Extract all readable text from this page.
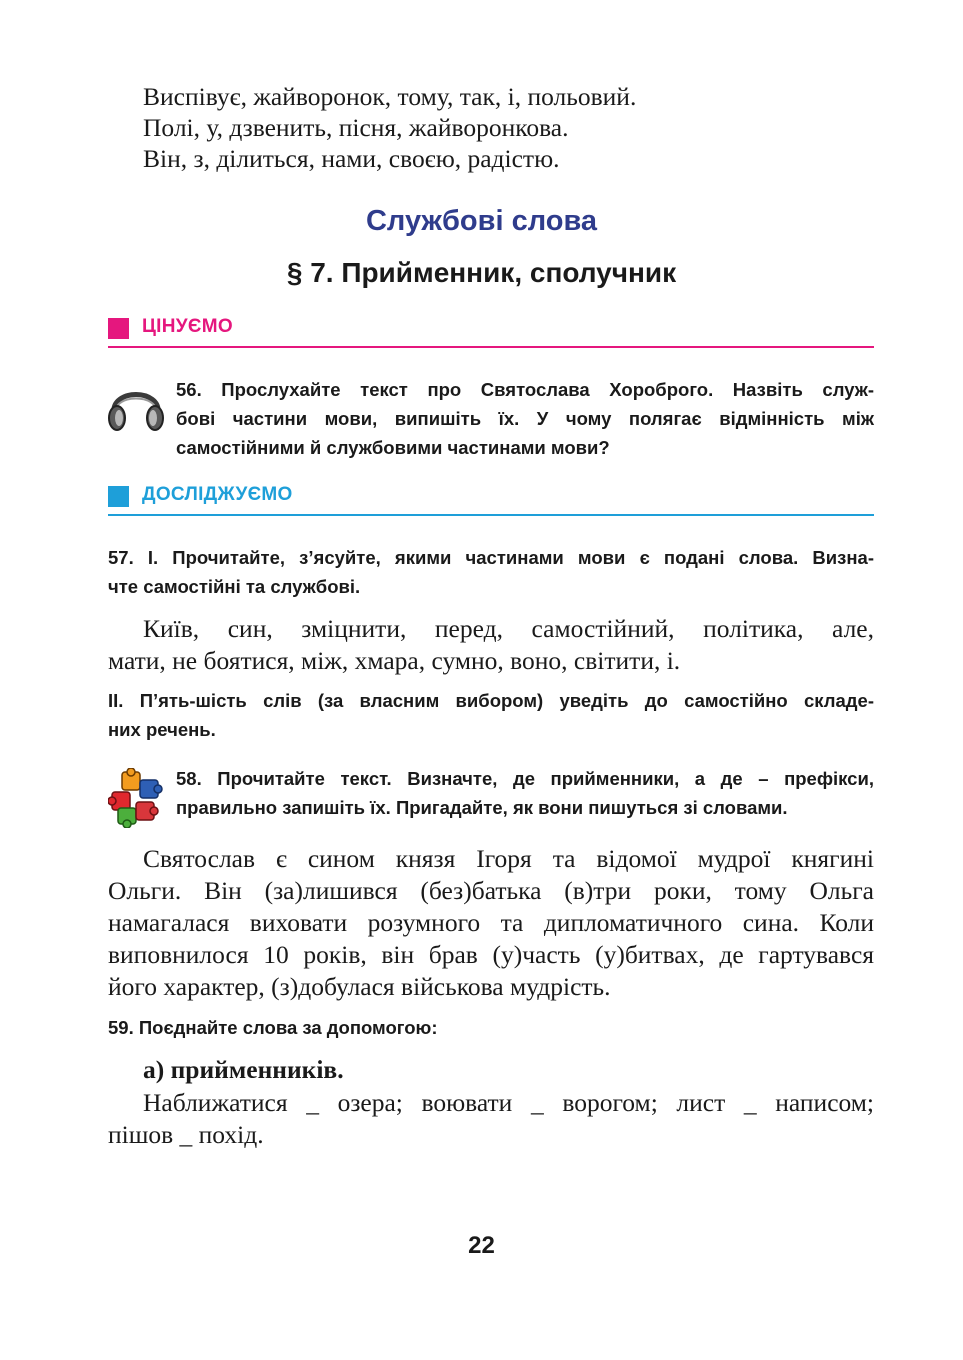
Виспівує, жайворонок, тому, так, і, польовий.
Полі, у, дзвенить, пісня, жайворонкова.
Він, з, ділиться, нами, своєю, радістю.
Службові слова
§ 7. Прийменник, сполучник
ЦІНУЄМО
56. Прослухайте текст про Святослава Хороброго. Назвіть служ-
бові частини мови, випишіть їх. У чому полягає відмінність між
самостійними й службовими частинами мови?
ДОСЛІДЖУЄМО
57. I. Прочитайте, з’ясуйте, якими частинами мови є подані слова. Визна-
чте самостійні та службові.
Київ, син, зміцнити, перед, самостійний, політика, але,
мати, не боятися, між, хмара, сумно, воно, світити, і.
II. П’ять-шість слів (за власним вибором) уведіть до самостійно складе-
них речень.
58. Прочитайте текст. Визначте, де прийменники, а де – префікси,
правильно запишіть їх. Пригадайте, як вони пишуться зі словами.
Святослав є сином князя Ігоря та відомої мудрої княгині
Ольги. Він (за)лишився (без)батька (в)три роки, тому Ольга
намагалася виховати розумного та дипломатичного сина. Коли
виповнилося 10 років, він брав (у)часть (у)битвах, де гартувався
його характер, (з)добулася військова мудрість.
59. Поєднайте слова за допомогою:
а) прийменників.
Наближатися _ озера; воювати _ ворогом; лист _ написом;
пішов _ похід.
22
